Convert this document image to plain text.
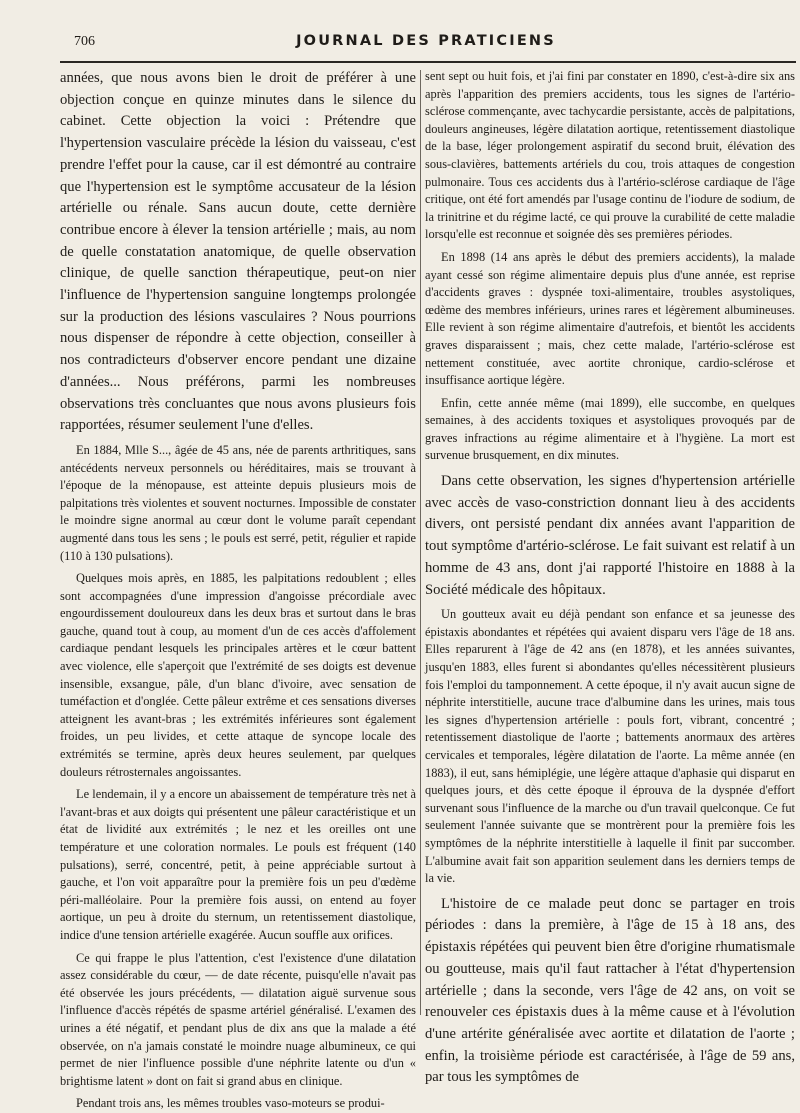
706	JOURNAL DES PRATICIENS

années, que nous avons bien le droit de préférer à une objection conçue en quinze minutes dans le silence du cabinet. Cette objection la voici : Prétendre que l'hypertension vasculaire précède la lésion du vaisseau, c'est prendre l'effet pour la cause, car il est démontré au contraire que l'hypertension est le symptôme accusateur de la lésion artérielle ou rénale. Sans aucun doute, cette dernière contribue encore à élever la tension artérielle ; mais, au nom de quelle constatation anatomique, de quelle observation clinique, de quelle sanction thérapeutique, peut-on nier l'influence de l'hypertension sanguine longtemps prolongée sur la production des lésions vasculaires ? Nous pourrions nous dispenser de répondre à cette objection, conseiller à nos contradicteurs d'observer encore pendant une dizaine d'années... Nous préférons, parmi les nombreuses observations très concluantes que nous avons plusieurs fois rapportées, résumer seulement l'une d'elles.

En 1884, Mlle S..., âgée de 45 ans, née de parents arthritiques, sans antécédents nerveux personnels ou héréditaires, mais se trouvant à l'époque de la ménopause, est atteinte depuis plusieurs mois de palpitations très violentes et souvent nocturnes. Impossible de constater le moindre signe anormal au cœur dont le volume paraît cependant augmenté dans tous les sens ; le pouls est serré, petit, régulier et rapide (110 à 130 pulsations).

Quelques mois après, en 1885, les palpitations redoublent ; elles sont accompagnées d'une impression d'angoisse précordiale avec engourdissement douloureux dans les deux bras et surtout dans le bras gauche, quand tout à coup, au moment d'un de ces accès d'affolement cardiaque pendant lesquels les principales artères et le cœur battent avec violence, elle s'aperçoit que l'extrémité de ses doigts est devenue insensible, exsangue, pâle, d'un blanc d'ivoire, avec sensation de tuméfaction et d'onglée. Cette pâleur extrême et ces sensations diverses atteignent les avant-bras ; les extrémités inférieures sont également froides, un peu livides, et cette attaque de syncope locale des extrémités se termine, après deux heures seulement, par quelques douleurs rétrosternales angoissantes.

Le lendemain, il y a encore un abaissement de température très net à l'avant-bras et aux doigts qui présentent une pâleur caractéristique et un état de lividité aux extrémités ; le nez et les oreilles ont une température et une coloration normales. Le pouls est fréquent (140 pulsations), serré, concentré, petit, à peine appréciable surtout à gauche, et l'on voit apparaître pour la première fois un peu d'œdème péri-malléolaire. Pour la première fois aussi, on entend au foyer aortique, un peu à droite du sternum, un retentissement diastolique, indice d'une tension artérielle exagérée. Aucun souffle aux orifices.

Ce qui frappe le plus l'attention, c'est l'existence d'une dilatation assez considérable du cœur, — de date récente, puisqu'elle n'avait pas été observée les jours précédents, — dilatation aiguë survenue sous l'influence d'accès répétés de spasme artériel généralisé. L'examen des urines a été négatif, et pendant plus de dix ans que la malade a été observée, on n'a jamais constaté le moindre nuage albumineux, ce qui permet de nier l'influence possible d'une néphrite latente ou d'un « brightisme latent » dont on fait si grand abus en clinique.

Pendant trois ans, les mêmes troubles vaso-moteurs se produi-

sent sept ou huit fois, et j'ai fini par constater en 1890, c'est-à-dire six ans après l'apparition des premiers accidents, tous les signes de l'artério-sclérose commençante, avec tachycardie persistante, accès de palpitations, douleurs angineuses, légère dilatation aortique, retentissement diastolique de la base, léger prolongement aspiratif du second bruit, élévation des sous-clavières, battements artériels du cou, trois attaques de congestion pulmonaire. Tous ces accidents dus à l'artério-sclérose cardiaque de l'âge critique, ont été fort amendés par l'usage continu de l'iodure de sodium, de la trinitrine et du régime lacté, ce qui prouve la curabilité de cette maladie lorsqu'elle est reconnue et soignée dès ses premières périodes.

En 1898 (14 ans après le début des premiers accidents), la malade ayant cessé son régime alimentaire depuis plus d'une année, est reprise d'accidents graves : dyspnée toxi-alimentaire, troubles asystoliques, œdème des membres inférieurs, urines rares et légèrement albumineuses. Elle revient à son régime alimentaire d'autrefois, et bientôt les accidents graves disparaissent ; mais, chez cette malade, l'artério-sclérose est nettement constituée, avec aortite chronique, cardio-sclérose et insuffisance aortique légère.

Enfin, cette année même (mai 1899), elle succombe, en quelques semaines, à des accidents toxiques et asystoliques provoqués par de graves infractions au régime alimentaire et à l'hygiène. La mort est survenue brusquement, en dix minutes.

Dans cette observation, les signes d'hypertension artérielle avec accès de vaso-constriction donnant lieu à des accidents divers, ont persisté pendant dix années avant l'apparition de tout symptôme d'artério-sclérose. Le fait suivant est relatif à un homme de 43 ans, dont j'ai rapporté l'histoire en 1888 à la Société médicale des hôpitaux.

Un goutteux avait eu déjà pendant son enfance et sa jeunesse des épistaxis abondantes et répétées qui avaient disparu vers l'âge de 18 ans. Elles reparurent à l'âge de 42 ans (en 1878), et les années suivantes, jusqu'en 1883, elles furent si abondantes qu'elles nécessitèrent plusieurs fois l'emploi du tamponnement. A cette époque, il n'y avait aucun signe de néphrite interstitielle, aucune trace d'albumine dans les urines, mais tous les signes d'hypertension artérielle : pouls fort, vibrant, concentré ; retentissement diastolique de l'aorte ; battements anormaux des artères cervicales et temporales, légère dilatation de l'aorte. La même année (en 1883), il eut, sans hémiplégie, une légère attaque d'aphasie qui disparut en quelques jours, et dès cette époque il éprouva de la dyspnée d'effort survenant sous l'influence de la marche ou d'un travail quelconque. Ce fut seulement l'année suivante que se montrèrent pour la première fois les symptômes de la néphrite interstitielle à laquelle il finit par succomber. L'albumine avait fait son apparition seulement dans les derniers temps de la vie.

L'histoire de ce malade peut donc se partager en trois périodes : dans la première, à l'âge de 15 à 18 ans, des épistaxis répétées qui peuvent bien être d'origine rhumatismale ou goutteuse, mais qu'il faut rattacher à l'état d'hypertension artérielle ; dans la seconde, vers l'âge de 42 ans, on voit se renouveler ces épistaxis dues à la même cause et à l'évolution d'une artérite généralisée avec aortite et dilatation de l'aorte ; enfin, la troisième période est caractérisée, à l'âge de 59 ans, par tous les symptômes de
